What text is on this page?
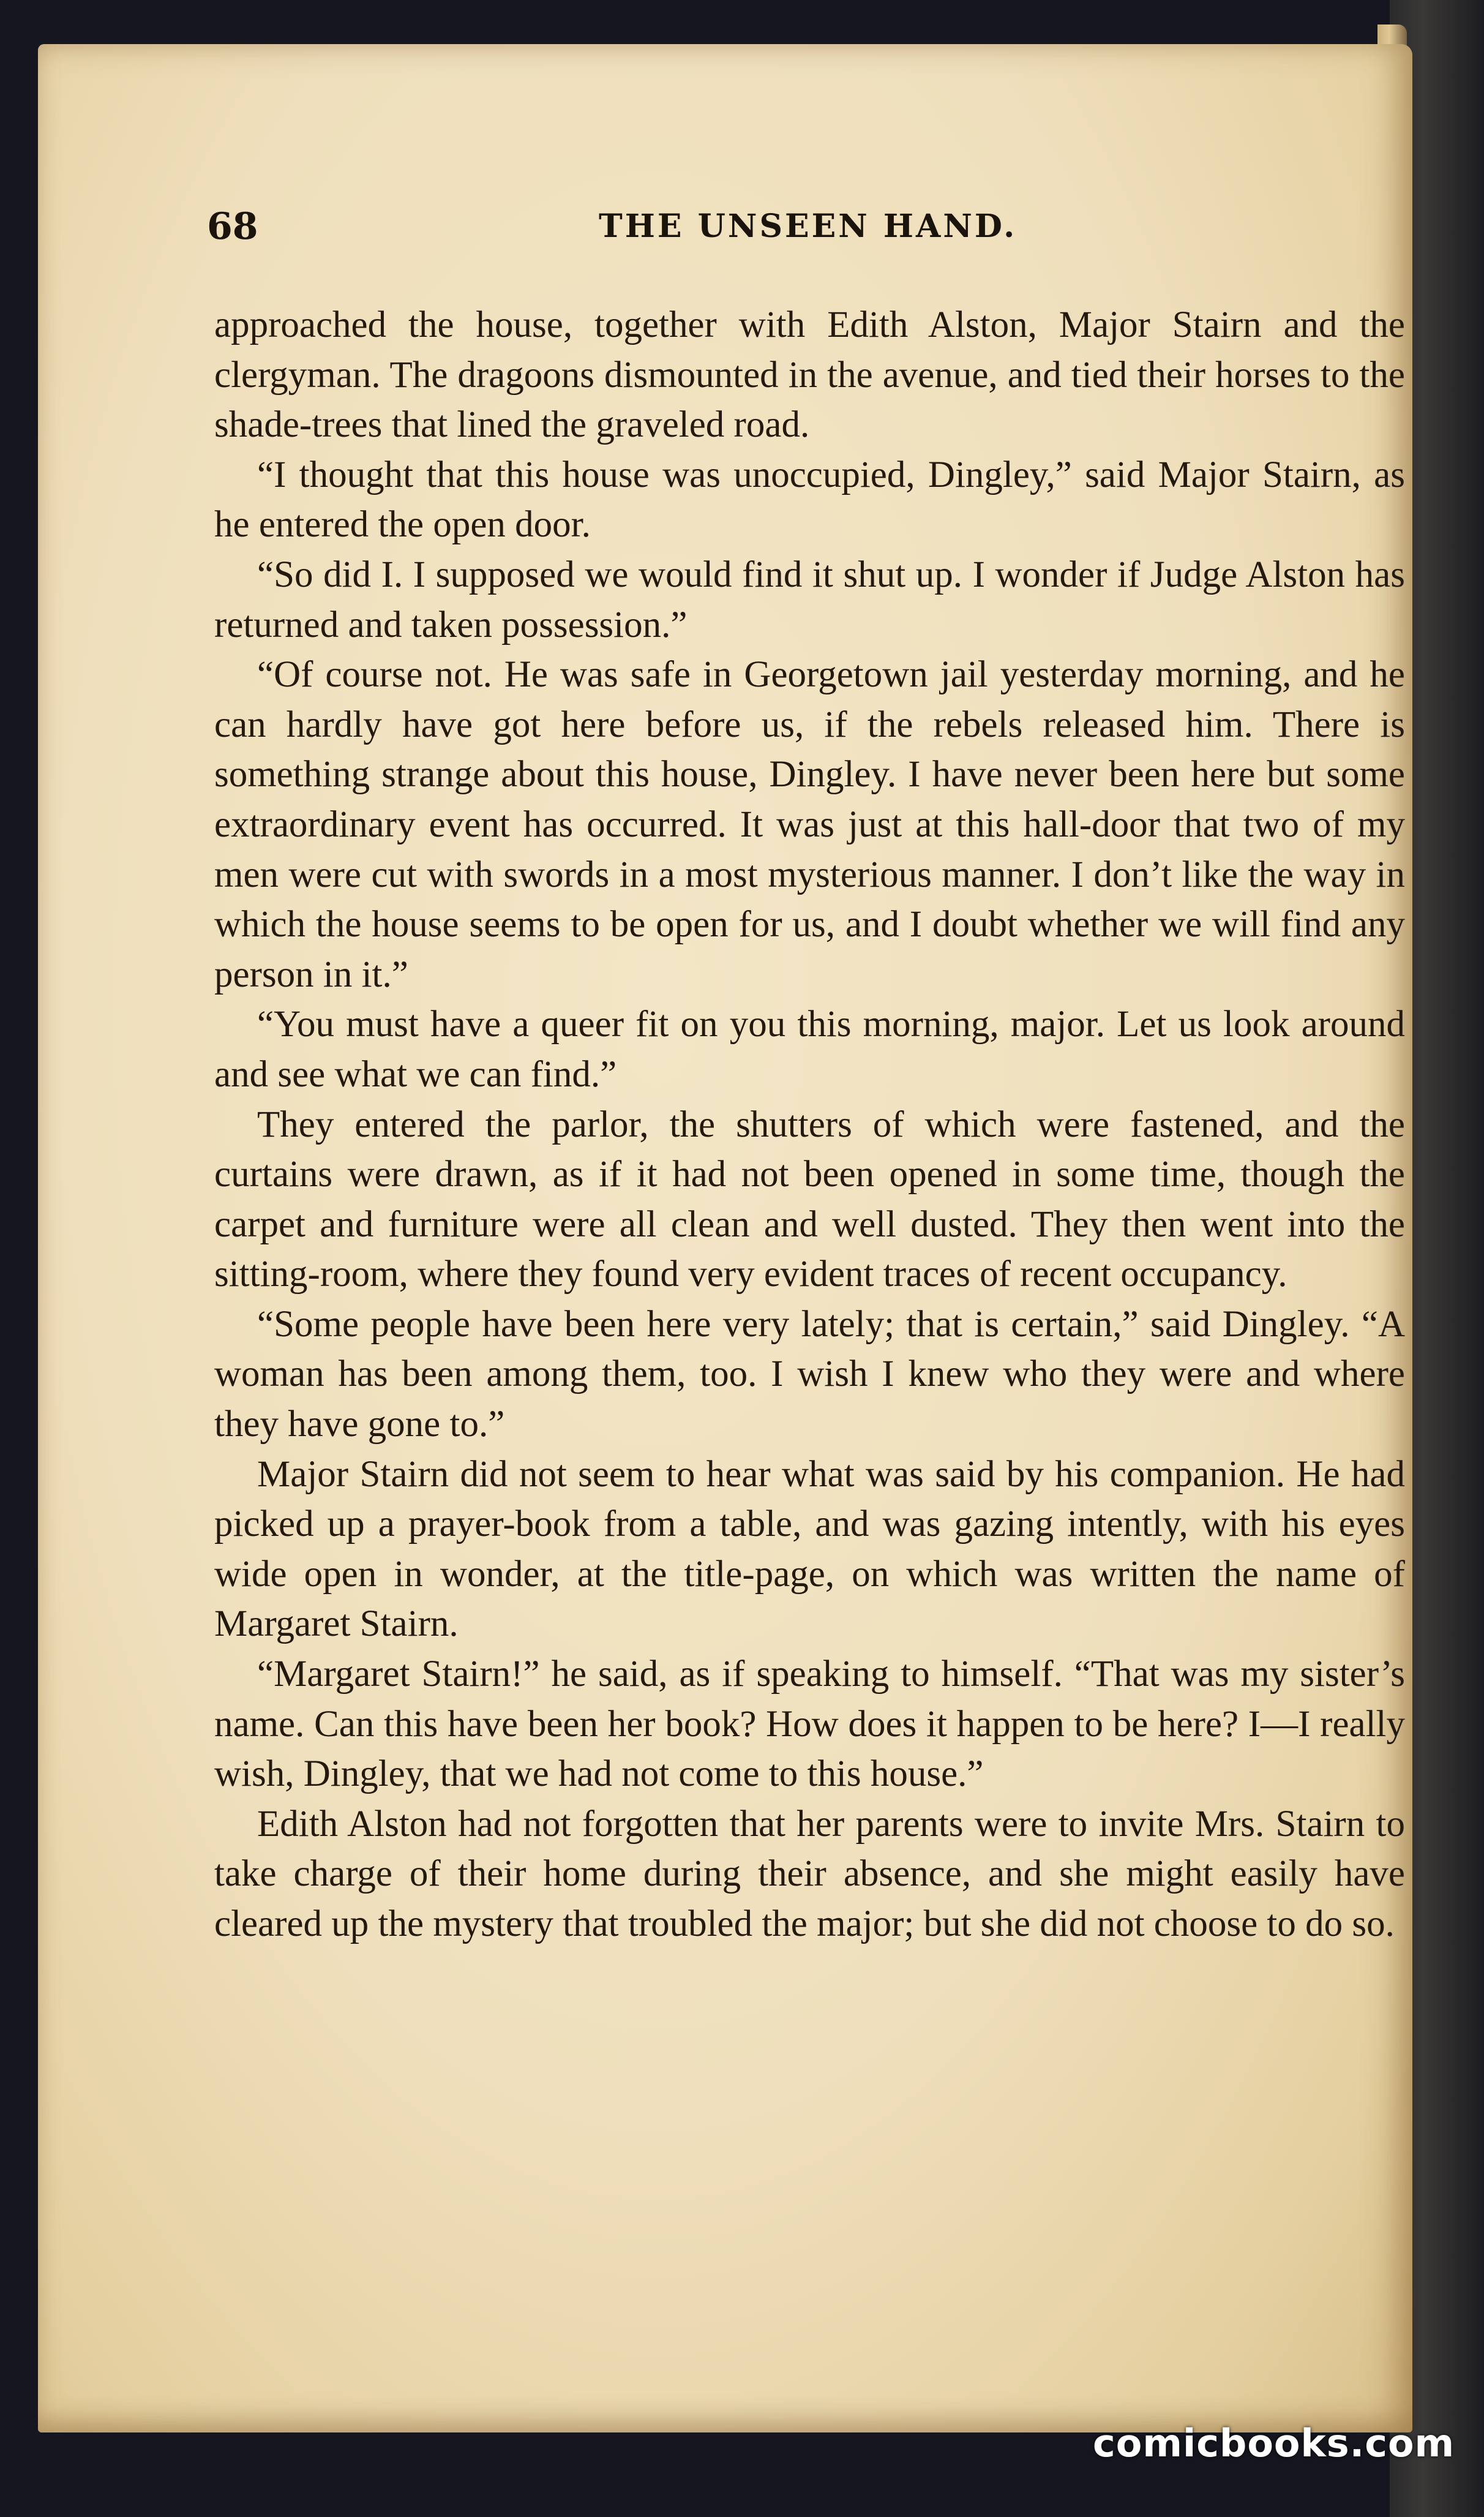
68	THE UNSEEN HAND.

approached the house, together with Edith Alston, Major Stairn and the clergyman. The dragoons dismounted in the avenue, and tied their horses to the shade-trees that lined the graveled road.

“I thought that this house was unoccupied, Dingley,” said Major Stairn, as he entered the open door.

“So did I. I supposed we would find it shut up. I wonder if Judge Alston has returned and taken possession.”

“Of course not. He was safe in Georgetown jail yesterday morning, and he can hardly have got here before us, if the rebels released him. There is something strange about this house, Dingley. I have never been here but some extraordinary event has occurred. It was just at this hall-door that two of my men were cut with swords in a most mysterious manner. I don’t like the way in which the house seems to be open for us, and I doubt whether we will find any person in it.”

“You must have a queer fit on you this morning, major. Let us look around and see what we can find.”

They entered the parlor, the shutters of which were fastened, and the curtains were drawn, as if it had not been opened in some time, though the carpet and furniture were all clean and well dusted. They then went into the sitting-room, where they found very evident traces of recent occupancy.

“Some people have been here very lately; that is certain,” said Dingley. “A woman has been among them, too. I wish I knew who they were and where they have gone to.”

Major Stairn did not seem to hear what was said by his companion. He had picked up a prayer-book from a table, and was gazing intently, with his eyes wide open in wonder, at the title-page, on which was written the name of Margaret Stairn.

“Margaret Stairn!” he said, as if speaking to himself. “That was my sister’s name. Can this have been her book? How does it happen to be here? I—I really wish, Dingley, that we had not come to this house.”

Edith Alston had not forgotten that her parents were to invite Mrs. Stairn to take charge of their home during their absence, and she might easily have cleared up the mystery that troubled the major; but she did not choose to do so.

comicbooks.com
